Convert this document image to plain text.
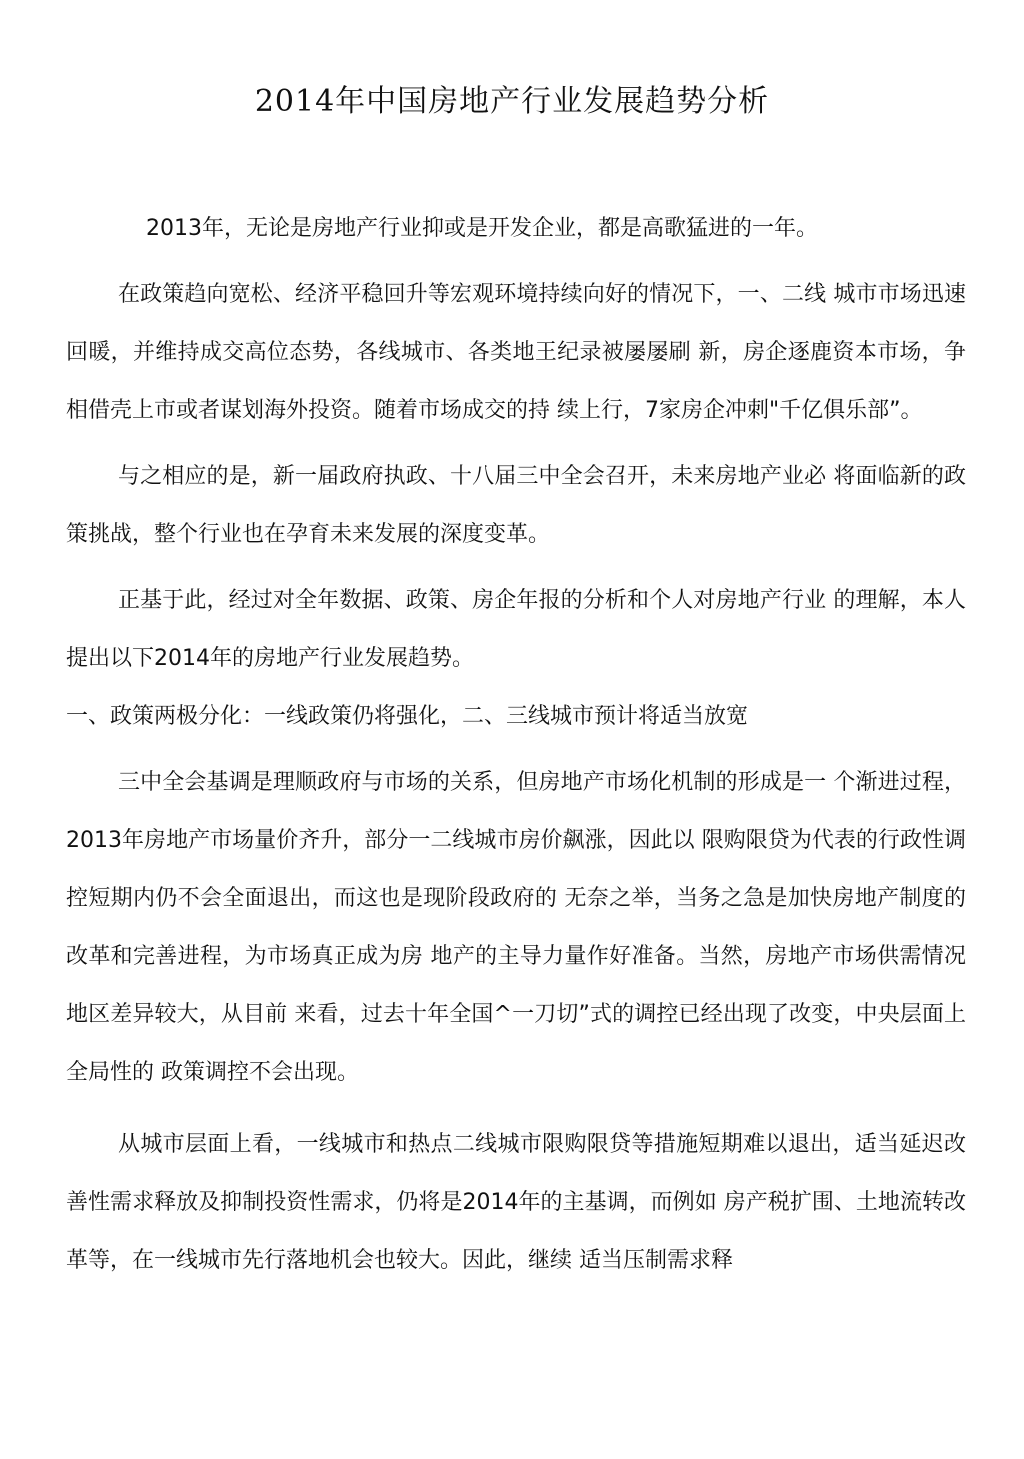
2014年中国房地产行业发展趋势分析

2013年，无论是房地产行业抑或是开发企业，都是高歌猛进的一年。

在政策趋向宽松、经济平稳回升等宏观环境持续向好的情况下，一、二线 城市市场迅速回暖，并维持成交高位态势，各线城市、各类地王纪录被屡屡刷 新，房企逐鹿资本市场，争相借壳上市或者谋划海外投资。随着市场成交的持 续上行，7家房企冲刺"千亿俱乐部”。

与之相应的是，新一届政府执政、十八届三中全会召开，未来房地产业必 将面临新的政策挑战，整个行业也在孕育未来发展的深度变革。

正基于此，经过对全年数据、政策、房企年报的分析和个人对房地产行业 的理解，本人提出以下2014年的房地产行业发展趋势。

一、政策两极分化：一线政策仍将强化，二、三线城市预计将适当放宽

三中全会基调是理顺政府与市场的关系，但房地产市场化机制的形成是一 个渐进过程，2013年房地产市场量价齐升，部分一二线城市房价飙涨，因此以 限购限贷为代表的行政性调控短期内仍不会全面退出，而这也是现阶段政府的 无奈之举，当务之急是加快房地产制度的改革和完善进程，为市场真正成为房 地产的主导力量作好准备。当然，房地产市场供需情况地区差异较大，从目前 来看，过去十年全国^一刀切”式的调控已经出现了改变，中央层面上全局性的 政策调控不会出现。

从城市层面上看，一线城市和热点二线城市限购限贷等措施短期难以退出，适当延迟改善性需求释放及抑制投资性需求，仍将是2014年的主基调，而例如 房产税扩围、土地流转改革等，在一线城市先行落地机会也较大。因此，继续 适当压制需求释
